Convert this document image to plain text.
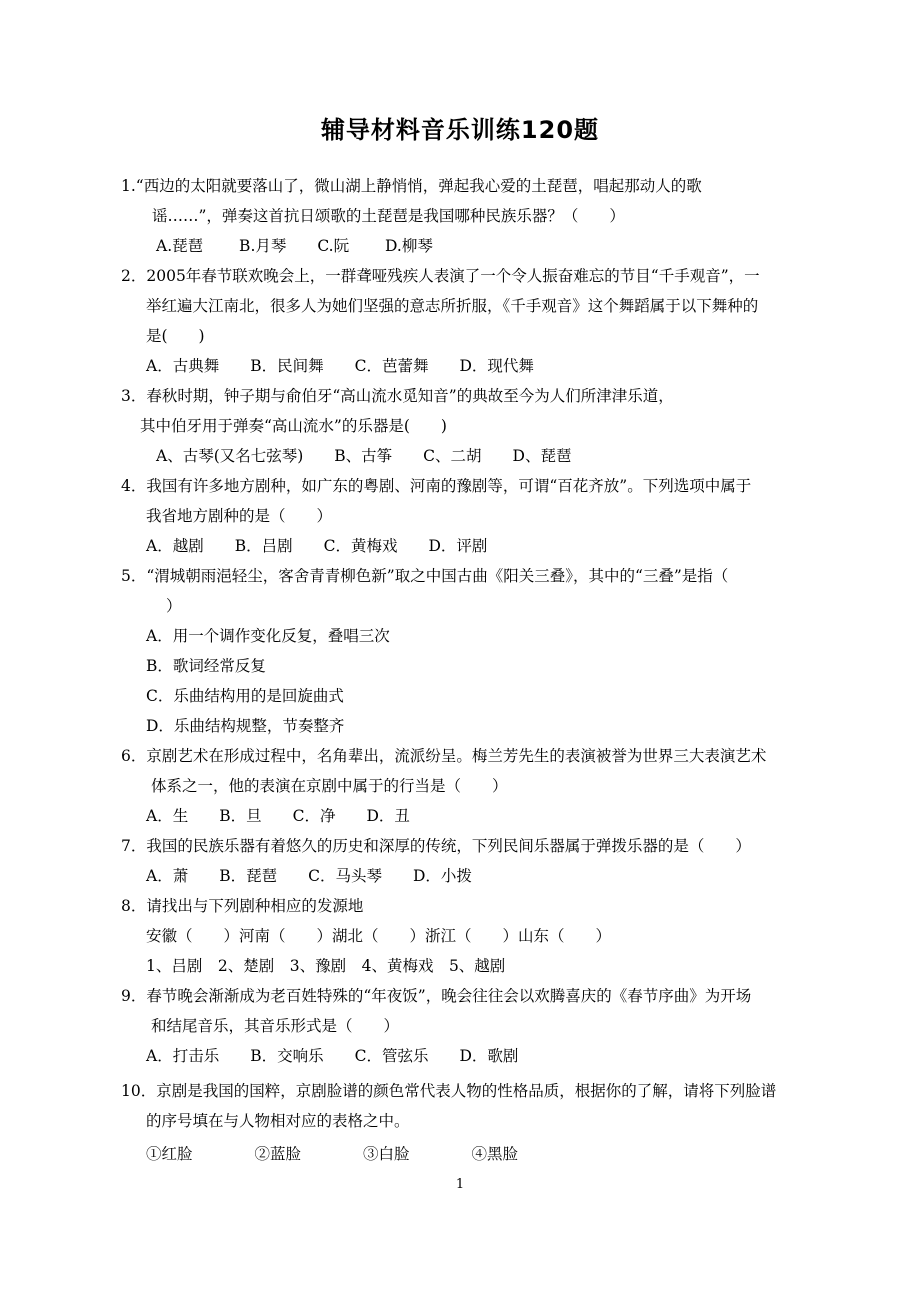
辅导材料音乐训练120题
1.“西边的太阳就要落山了，微山湖上静悄悄，弹起我心爱的土琵琶，唱起那动人的歌
谣……”，弹奏这首抗日颂歌的土琵琶是我国哪种民族乐器？（　　）
A.琵琶　　 B.月琴　　C.阮　　 D.柳琴
2．2005年春节联欢晚会上，一群聋哑残疾人表演了一个令人振奋难忘的节目“千手观音”，一
举红遍大江南北，很多人为她们坚强的意志所折服，《千手观音》这个舞蹈属于以下舞种的
是(　　)
A．古典舞　　B．民间舞　　C．芭蕾舞　　D．现代舞
3．春秋时期，钟子期与俞伯牙“高山流水觅知音”的典故至今为人们所津津乐道，
其中伯牙用于弹奏“高山流水”的乐器是(　　)
A、古琴(又名七弦琴)　　B、古筝　　C、二胡　　D、琵琶
4．我国有许多地方剧种，如广东的粤剧、河南的豫剧等，可谓“百花齐放”。下列选项中属于
我省地方剧种的是（　　）
A．越剧　　B．吕剧　　C．黄梅戏　　D．评剧
5．“渭城朝雨浥轻尘，客舍青青柳色新”取之中国古曲《阳关三叠》，其中的“三叠”是指（
）
A．用一个调作变化反复，叠唱三次
B．歌词经常反复
C．乐曲结构用的是回旋曲式
D．乐曲结构规整，节奏整齐
6．京剧艺术在形成过程中，名角辈出，流派纷呈。梅兰芳先生的表演被誉为世界三大表演艺术
体系之一，他的表演在京剧中属于的行当是（　　）
A．生　　B．旦　　C．净　　D．丑
7．我国的民族乐器有着悠久的历史和深厚的传统，下列民间乐器属于弹拨乐器的是（　　）
A．萧　　B．琵琶　　C．马头琴　　D．小拨
8．请找出与下列剧种相应的发源地
安徽（　　）河南（　　）湖北（　　）浙江（　　）山东（　　）
1、吕剧　2、楚剧　3、豫剧　4、黄梅戏　5、越剧
9．春节晚会渐渐成为老百姓特殊的“年夜饭”，晚会往往会以欢腾喜庆的《春节序曲》为开场
和结尾音乐，其音乐形式是（　　）
A．打击乐　　B．交响乐　　C．管弦乐　　D．歌剧
10．京剧是我国的国粹，京剧脸谱的颜色常代表人物的性格品质，根据你的了解，请将下列脸谱
的序号填在与人物相对应的表格之中。
①红脸　　　　②蓝脸　　　　③白脸　　　　④黑脸
1
